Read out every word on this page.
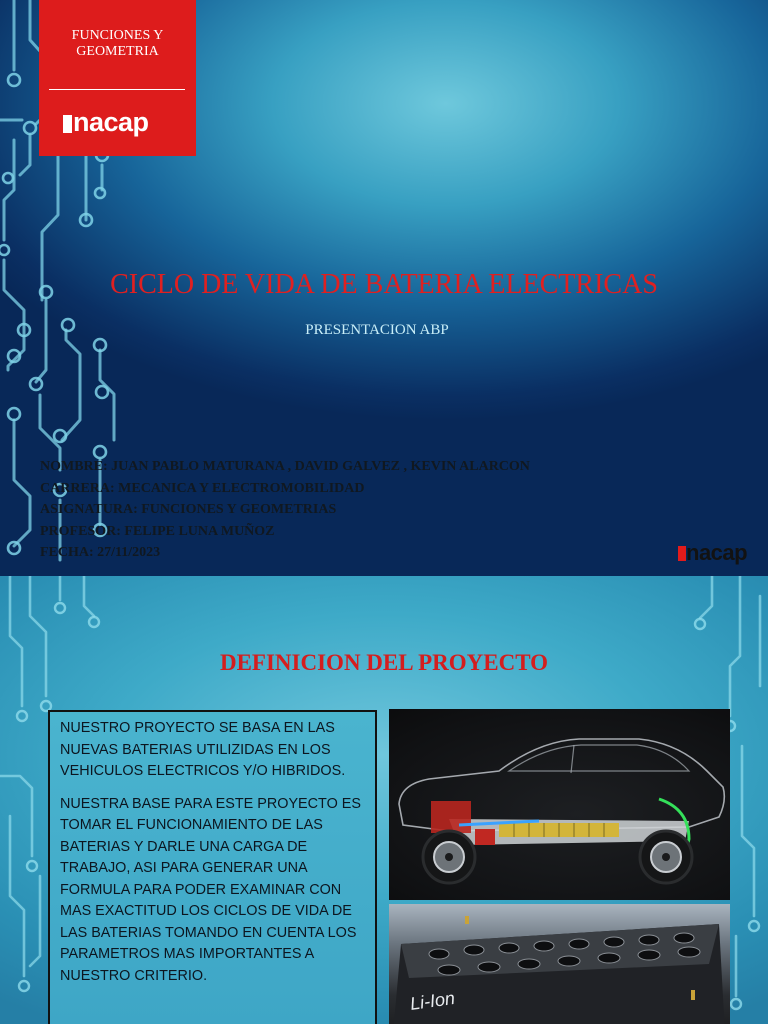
FUNCIONES Y GEOMETRIA
nacap
CICLO DE VIDA DE BATERIA ELECTRICAS
PRESENTACION ABP
NOMBRE: JUAN PABLO MATURANA , DAVID GALVEZ , KEVIN ALARCON
CARRERA: MECANICA Y ELECTROMOBILIDAD
ASIGNATURA: FUNCIONES Y GEOMETRIAS
PROFESOR: FELIPE LUNA MUÑOZ
FECHA: 27/11/2023	nacap
DEFINICION DEL PROYECTO

NUESTRO PROYECTO SE BASA EN LAS NUEVAS BATERIAS UTILIZIDAS EN LOS VEHICULOS ELECTRICOS Y/O HIBRIDOS.

NUESTRA BASE PARA ESTE PROYECTO ES TOMAR EL FUNCIONAMIENTO DE LAS BATERIAS Y DARLE UNA CARGA DE TRABAJO, ASI PARA GENERAR UNA FORMULA PARA PODER EXAMINAR CON MAS EXACTITUD LOS CICLOS DE VIDA DE LAS BATERIAS TOMANDO EN CUENTA LOS PARAMETROS MAS IMPORTANTES A NUESTRO CRITERIO.

Li-Ion
